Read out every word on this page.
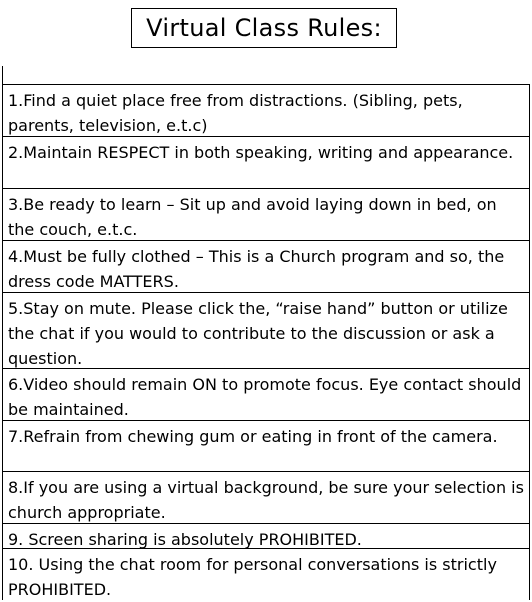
Virtual Class Rules:
1.Find a quiet place free from distractions. (Sibling, pets, parents, television, e.t.c)
2.Maintain RESPECT in both speaking, writing and appearance.
3.Be ready to learn – Sit up and avoid laying down in bed, on the couch, e.t.c.
4.Must be fully clothed – This is a Church program and so, the dress code MATTERS.
5.Stay on mute. Please click the, “raise hand” button or utilize the chat if you would to contribute to the discussion or ask a question.
6.Video should remain ON to promote focus. Eye contact should be maintained.
7.Refrain from chewing gum or eating in front of the camera.
8.If you are using a virtual background, be sure your selection is church appropriate.
9. Screen sharing is absolutely PROHIBITED.
10. Using the chat room for personal conversations is strictly PROHIBITED.
